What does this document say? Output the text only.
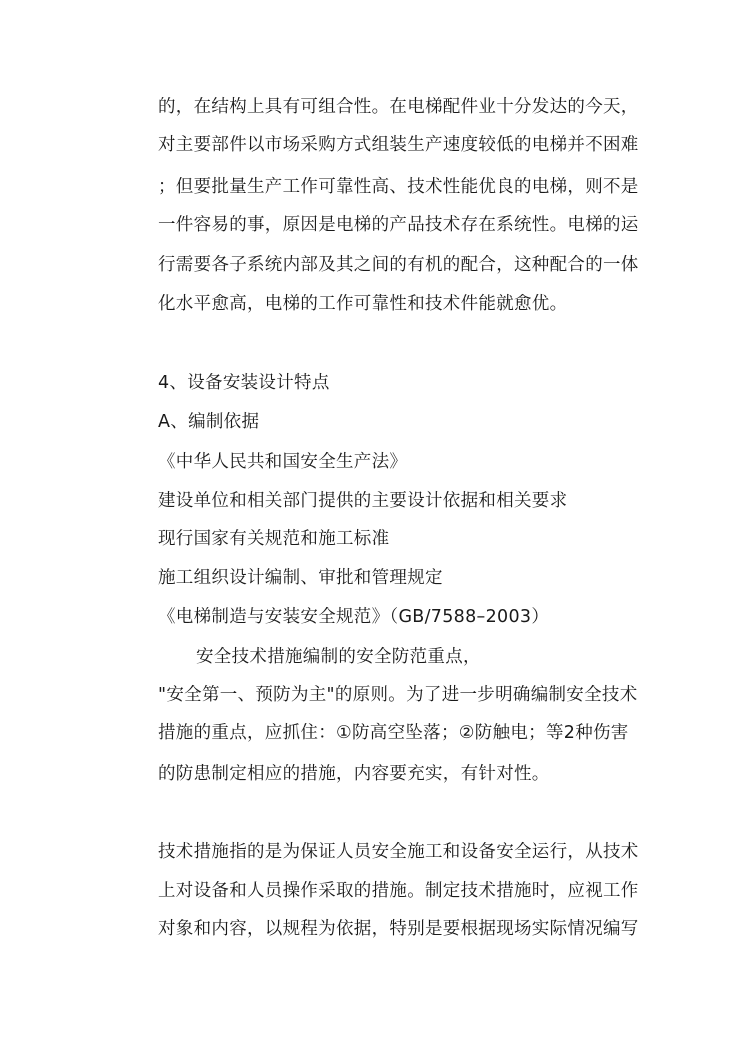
的，在结构上具有可组合性。在电梯配件业十分发达的今天，

对主要部件以市场采购方式组装生产速度较低的电梯并不困难

；但要批量生产工作可靠性高、技术性能优良的电梯，则不是

一件容易的事，原因是电梯的产品技术存在系统性。电梯的运

行需要各子系统内部及其之间的有机的配合，这种配合的一体

化水平愈高，电梯的工作可靠性和技术件能就愈优。

4、设备安装设计特点

A、编制依据

《中华人民共和国安全生产法》

建设单位和相关部门提供的主要设计依据和相关要求

现行国家有关规范和施工标准

施工组织设计编制、审批和管理规定

《电梯制造与安装安全规范》（GB/7588–2003）

安全技术措施编制的安全防范重点，

"安全第一、预防为主"的原则。为了进一步明确编制安全技术

措施的重点，应抓住：①防高空坠落；②防触电；等2种伤害

的防患制定相应的措施，内容要充实，有针对性。

技术措施指的是为保证人员安全施工和设备安全运行，从技术

上对设备和人员操作采取的措施。制定技术措施时，应视工作

对象和内容，以规程为依据，特别是要根据现场实际情况编写
